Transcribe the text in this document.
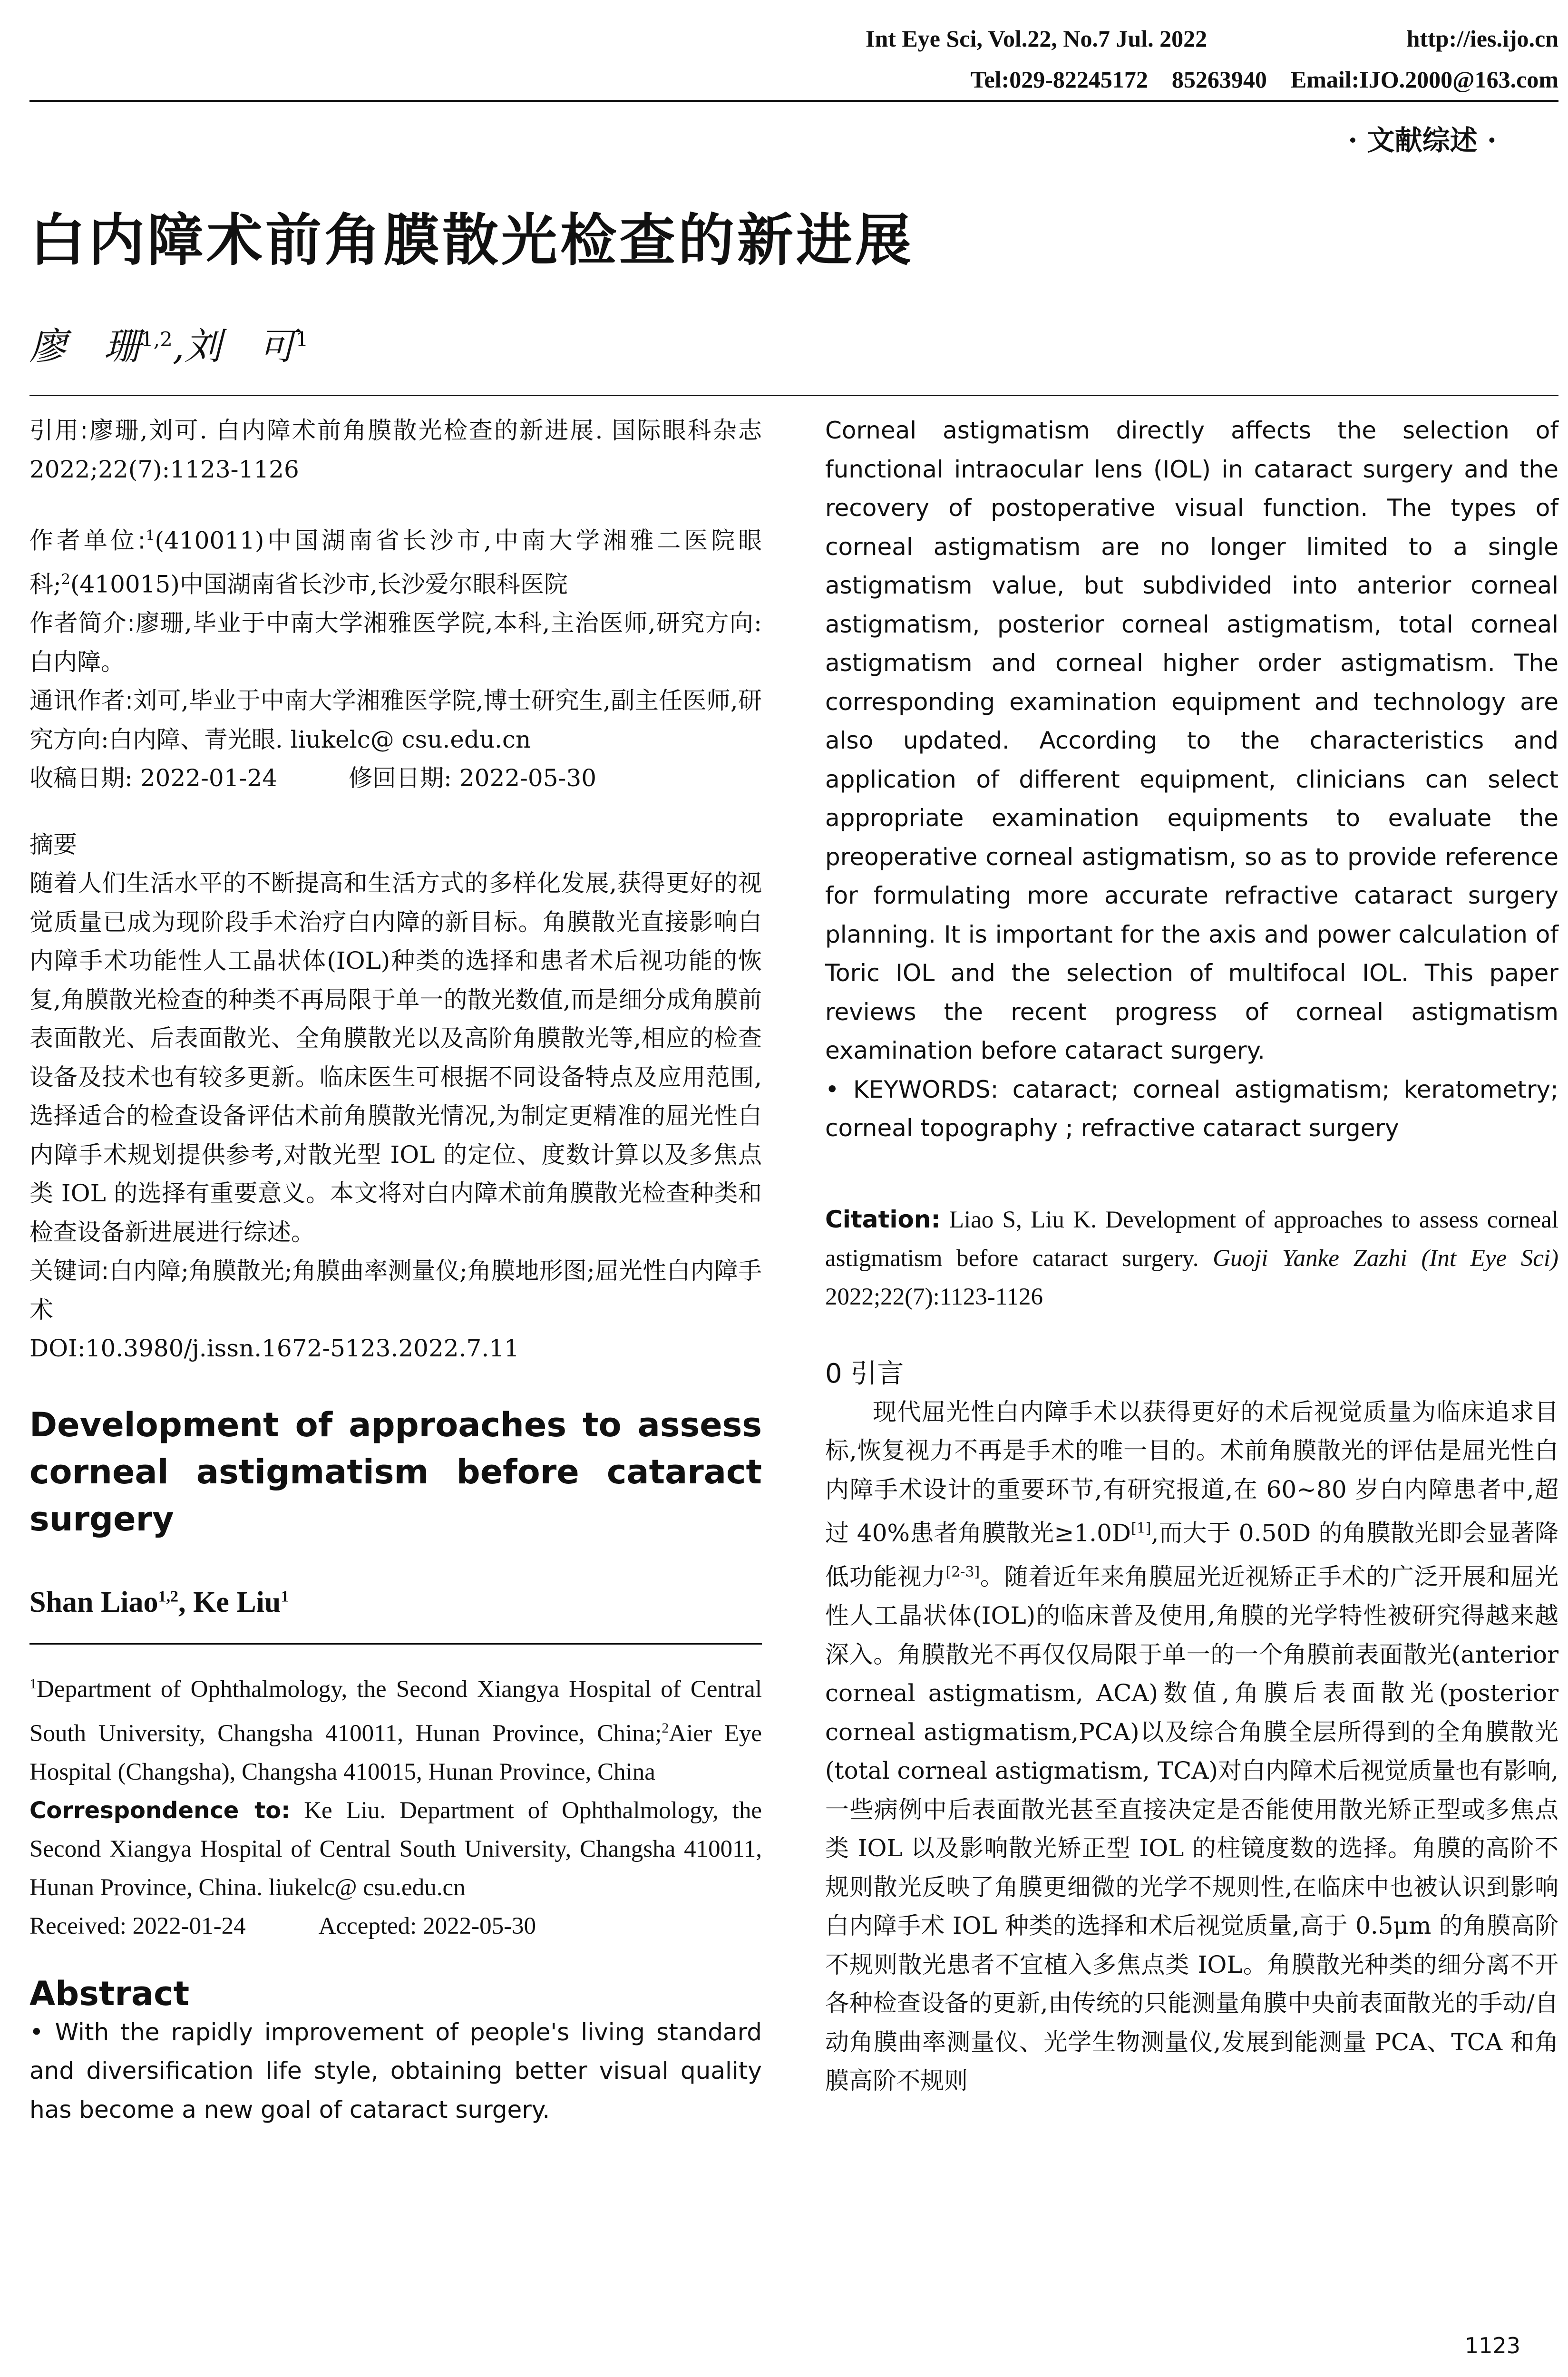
Int Eye Sci, Vol.22, No.7 Jul. 2022	http://ies.ijo.cn
Tel:029-82245172    85263940    Email:IJO.2000@163.com
· 文献综述 ·
白内障术前角膜散光检查的新进展
廖　珊$^{1,2}$,刘　可$^1$
引用:廖珊,刘可. 白内障术前角膜散光检查的新进展. 国际眼科杂志 2022;22(7):1123-1126
作者单位:$^1$(410011)中国湖南省长沙市,中南大学湘雅二医院眼科;$^2$(410015)中国湖南省长沙市,长沙爱尔眼科医院
作者简介:廖珊,毕业于中南大学湘雅医学院,本科,主治医师,研究方向:白内障。
通讯作者:刘可,毕业于中南大学湘雅医学院,博士研究生,副主任医师,研究方向:白内障、青光眼. liukelc@ csu.edu.cn
收稿日期: 2022-01-24　　　修回日期: 2022-05-30
摘要
随着人们生活水平的不断提高和生活方式的多样化发展,获得更好的视觉质量已成为现阶段手术治疗白内障的新目标。角膜散光直接影响白内障手术功能性人工晶状体(IOL)种类的选择和患者术后视功能的恢复,角膜散光检查的种类不再局限于单一的散光数值,而是细分成角膜前表面散光、后表面散光、全角膜散光以及高阶角膜散光等,相应的检查设备及技术也有较多更新。临床医生可根据不同设备特点及应用范围,选择适合的检查设备评估术前角膜散光情况,为制定更精准的屈光性白内障手术规划提供参考,对散光型 IOL 的定位、度数计算以及多焦点类 IOL 的选择有重要意义。本文将对白内障术前角膜散光检查种类和检查设备新进展进行综述。
关键词:白内障;角膜散光;角膜曲率测量仪;角膜地形图;屈光性白内障手术
DOI:10.3980/j.issn.1672-5123.2022.7.11
Development of approaches to assess corneal astigmatism before cataract surgery
Shan Liao$^{1,2}$, Ke Liu$^1$
$^1$Department of Ophthalmology, the Second Xiangya Hospital of Central South University, Changsha 410011, Hunan Province, China;$^2$Aier Eye Hospital (Changsha), Changsha 410015, Hunan Province, China
Correspondence to: Ke Liu. Department of Ophthalmology, the Second Xiangya Hospital of Central South University, Changsha 410011, Hunan Province, China. liukelc@ csu.edu.cn
Received: 2022-01-24　　　Accepted: 2022-05-30
Abstract
• With the rapidly improvement of people's living standard and diversification life style, obtaining better visual quality has become a new goal of cataract surgery.
Corneal astigmatism directly affects the selection of functional intraocular lens (IOL) in cataract surgery and the recovery of postoperative visual function. The types of corneal astigmatism are no longer limited to a single astigmatism value, but subdivided into anterior corneal astigmatism, posterior corneal astigmatism, total corneal astigmatism and corneal higher order astigmatism. The corresponding examination equipment and technology are also updated. According to the characteristics and application of different equipment, clinicians can select appropriate examination equipments to evaluate the preoperative corneal astigmatism, so as to provide reference for formulating more accurate refractive cataract surgery planning. It is important for the axis and power calculation of Toric IOL and the selection of multifocal IOL. This paper reviews the recent progress of corneal astigmatism examination before cataract surgery.
• KEYWORDS: cataract; corneal astigmatism; keratometry; corneal topography ; refractive cataract surgery
Citation: Liao S, Liu K. Development of approaches to assess corneal astigmatism before cataract surgery. Guoji Yanke Zazhi (Int Eye Sci) 2022;22(7):1123-1126
0 引言
现代屈光性白内障手术以获得更好的术后视觉质量为临床追求目标,恢复视力不再是手术的唯一目的。术前角膜散光的评估是屈光性白内障手术设计的重要环节,有研究报道,在 60~80 岁白内障患者中,超过 40%患者角膜散光≥1.0D[1],而大于 0.50D 的角膜散光即会显著降低功能视力[2-3]。随着近年来角膜屈光近视矫正手术的广泛开展和屈光性人工晶状体(IOL)的临床普及使用,角膜的光学特性被研究得越来越深入。角膜散光不再仅仅局限于单一的一个角膜前表面散光(anterior corneal astigmatism, ACA)数值,角膜后表面散光(posterior corneal astigmatism,PCA)以及综合角膜全层所得到的全角膜散光(total corneal astigmatism, TCA)对白内障术后视觉质量也有影响,一些病例中后表面散光甚至直接决定是否能使用散光矫正型或多焦点类 IOL 以及影响散光矫正型 IOL 的柱镜度数的选择。角膜的高阶不规则散光反映了角膜更细微的光学不规则性,在临床中也被认识到影响白内障手术 IOL 种类的选择和术后视觉质量,高于 0.5μm 的角膜高阶不规则散光患者不宜植入多焦点类 IOL。角膜散光种类的细分离不开各种检查设备的更新,由传统的只能测量角膜中央前表面散光的手动/自动角膜曲率测量仪、光学生物测量仪,发展到能测量 PCA、TCA 和角膜高阶不规则
1123
